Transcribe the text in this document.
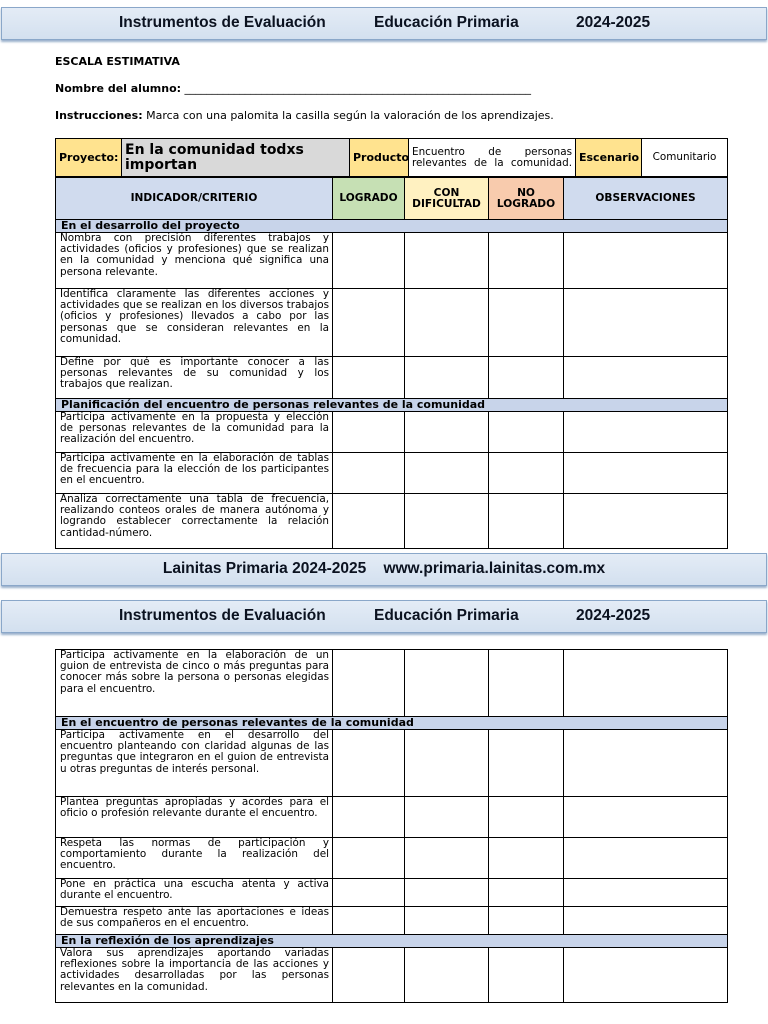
Instrumentos de Evaluación	Educación Primaria	2024-2025
ESCALA ESTIMATIVA
Nombre del alumno: _______________________________________________________________
Instrucciones: Marca con una palomita la casilla según la valoración de los aprendizajes.
Proyecto:	En la comunidad todxs importan	Producto	Encuentro de personas relevantes de la comunidad.	Escenario	Comunitario
INDICADOR/CRITERIO	LOGRADO	CON DIFICULTAD	NO LOGRADO	OBSERVACIONES
En el desarrollo del proyecto				
Nombra con precisión diferentes trabajos y actividades (oficios y profesiones) que se realizan en la comunidad y menciona qué significa una persona relevante.				
Identifica claramente las diferentes acciones y actividades que se realizan en los diversos trabajos (oficios y profesiones) llevados a cabo por las personas que se consideran relevantes en la comunidad.				
Define por qué es importante conocer a las personas relevantes de su comunidad y los trabajos que realizan.				
Planificación del encuentro de personas relevantes de la comunidad				
Participa activamente en la propuesta y elección de personas relevantes de la comunidad para la realización del encuentro.				
Participa activamente en la elaboración de tablas de frecuencia para la elección de los participantes en el encuentro.				
Analiza correctamente una tabla de frecuencia, realizando conteos orales de manera autónoma y logrando establecer correctamente la relación cantidad-número.				
Lainitas Primaria 2024-2025    www.primaria.lainitas.com.mx
Instrumentos de Evaluación	Educación Primaria	2024-2025
Participa activamente en la elaboración de un guion de entrevista de cinco o más preguntas para conocer más sobre la persona o personas elegidas para el encuentro.				
En el encuentro de personas relevantes de la comunidad				
Participa activamente en el desarrollo del encuentro planteando con claridad algunas de las preguntas que integraron en el guion de entrevista u otras preguntas de interés personal.				
Plantea preguntas apropiadas y acordes para el oficio o profesión relevante durante el encuentro.				
Respeta las normas de participación y comportamiento durante la realización del encuentro.				
Pone en práctica una escucha atenta y activa durante el encuentro.				
Demuestra respeto ante las aportaciones e ideas de sus compañeros en el encuentro.				
En la reflexión de los aprendizajes				
Valora sus aprendizajes aportando variadas reflexiones sobre la importancia de las acciones y actividades desarrolladas por las personas relevantes en la comunidad.				
